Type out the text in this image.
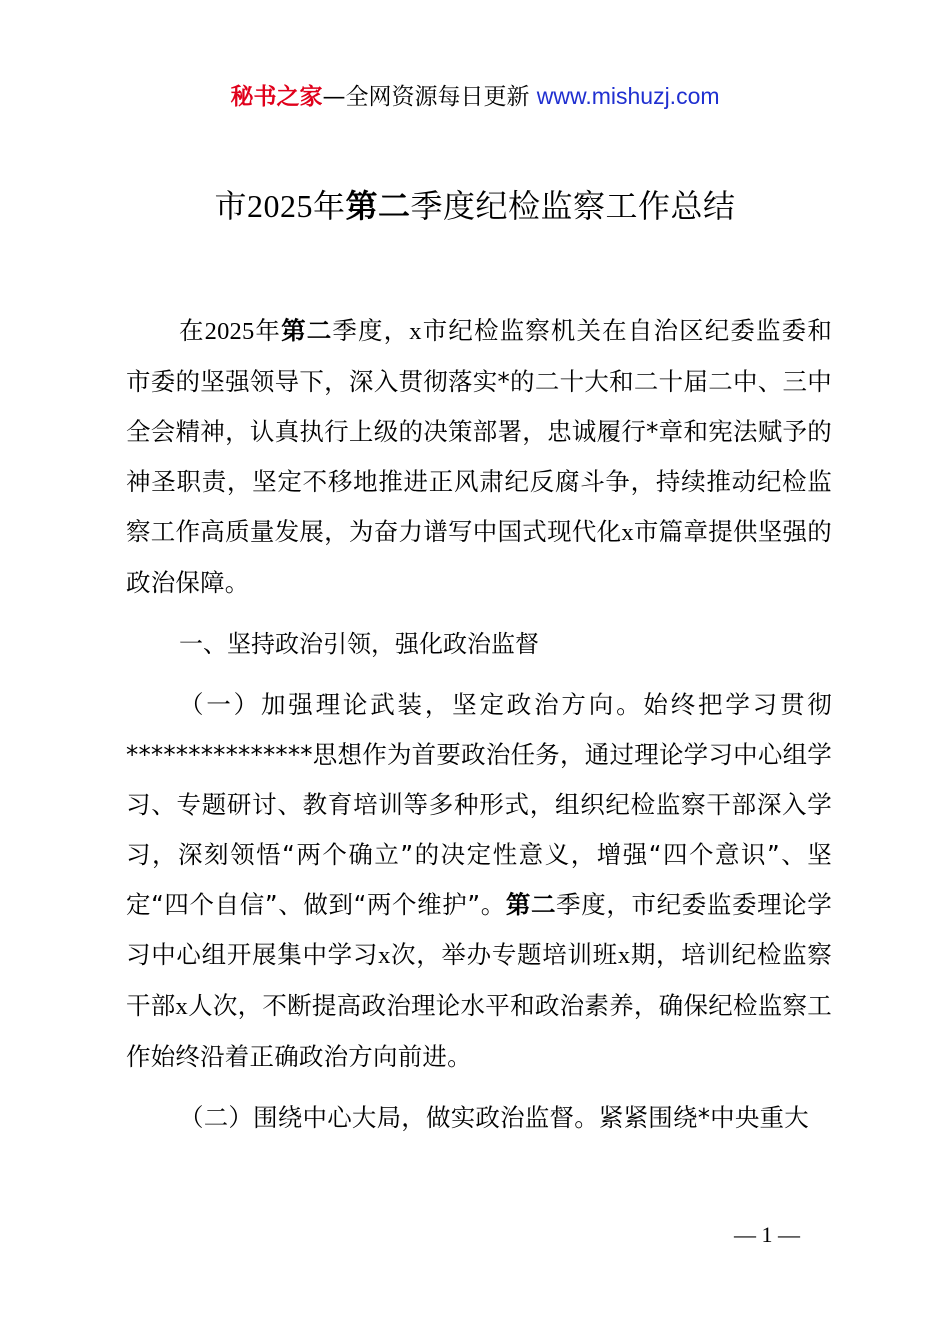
秘书之家—全网资源每日更新 www.mishuzj.com
市2025年第二季度纪检监察工作总结

在2025年第二季度，x市纪检监察机关在自治区纪委监委和市委的坚强领导下，深入贯彻落实*的二十大和二十届二中、三中全会精神，认真执行上级的决策部署，忠诚履行*章和宪法赋予的神圣职责，坚定不移地推进正风肃纪反腐斗争，持续推动纪检监察工作高质量发展，为奋力谱写中国式现代化x市篇章提供坚强的政治保障。

一、坚持政治引领，强化政治监督

（一）加强理论武装，坚定政治方向。始终把学习贯彻***************思想作为首要政治任务，通过理论学习中心组学习、专题研讨、教育培训等多种形式，组织纪检监察干部深入学习，深刻领悟“两个确立”的决定性意义，增强“四个意识”、坚定“四个自信”、做到“两个维护”。第二季度，市纪委监委理论学习中心组开展集中学习x次，举办专题培训班x期，培训纪检监察干部x人次，不断提高政治理论水平和政治素养，确保纪检监察工作始终沿着正确政治方向前进。

（二）围绕中心大局，做实政治监督。紧紧围绕*中央重大

— 1 —
